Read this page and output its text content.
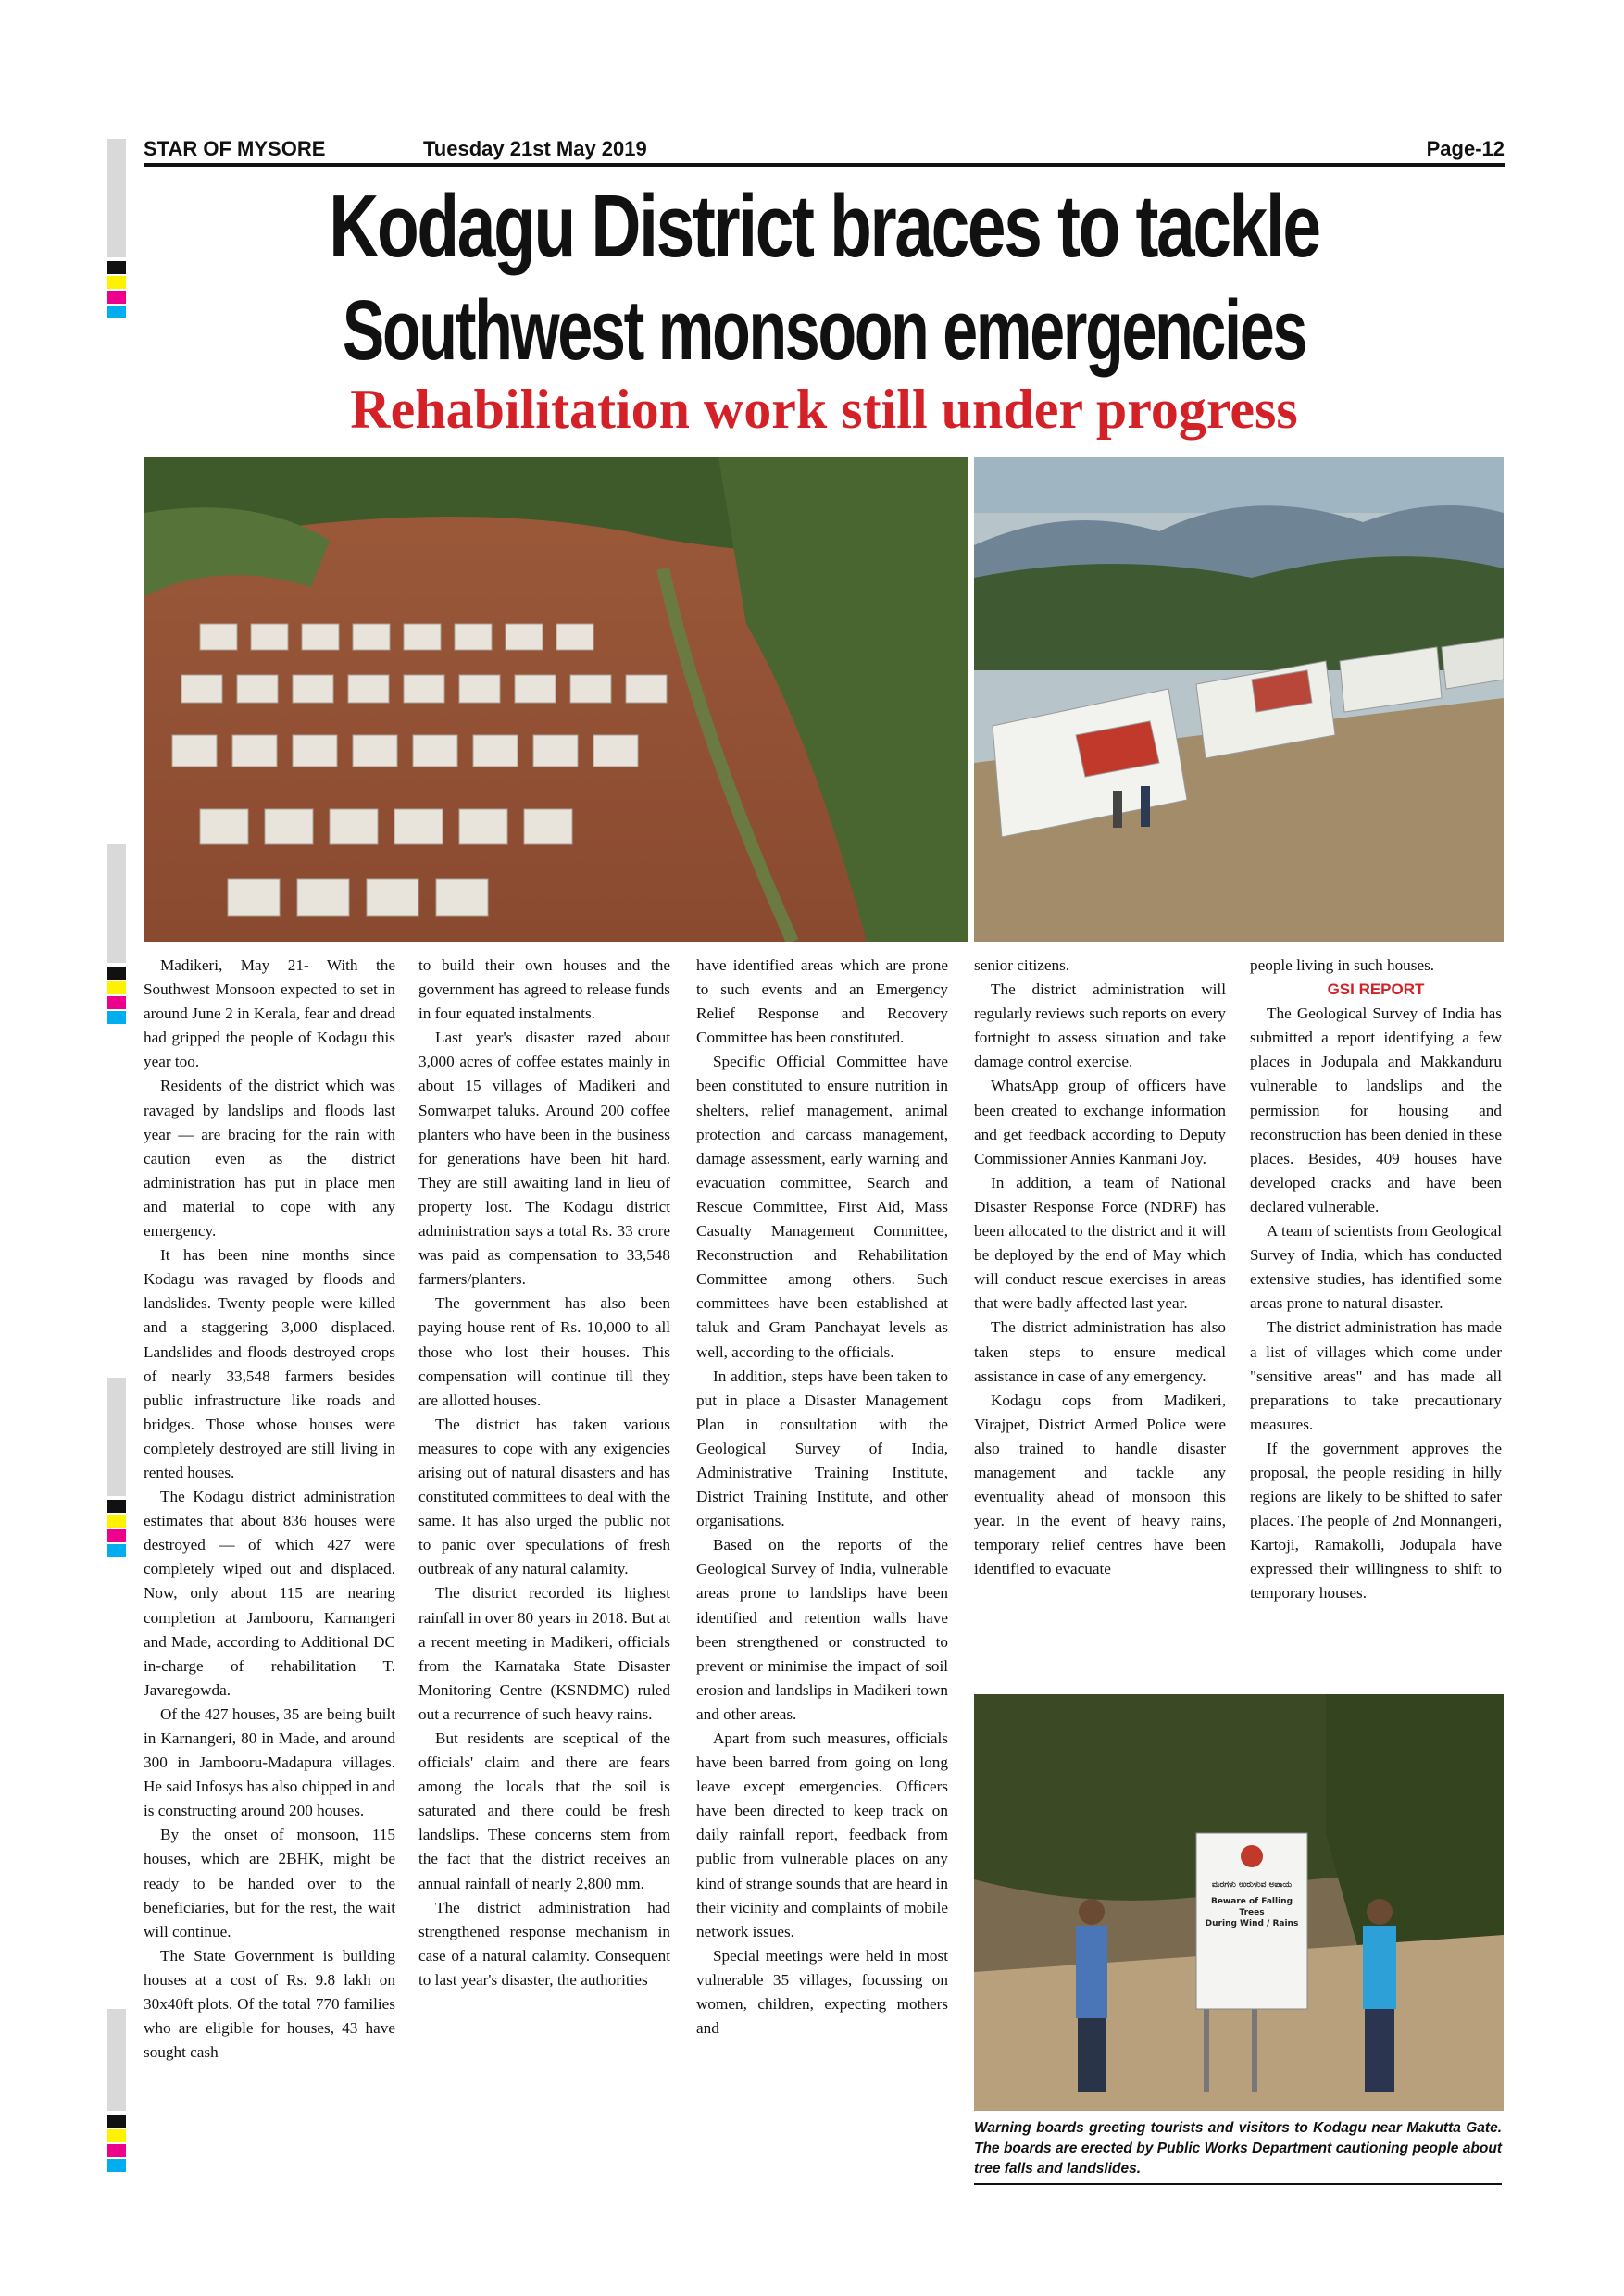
STAR OF MYSORE	Tuesday 21st May 2019	Page-12
Kodagu District braces to tackle
Southwest monsoon emergencies
Rehabilitation work still under progress
ಮರಗಳು ಉರುಳುವ ಅಪಾಯ
Beware of Falling Trees
During Wind / Rains
Warning boards greeting tourists and visitors to Kodagu near Makutta Gate. The boards are erected by Public Works Department cautioning people about tree falls and landslides.

Madikeri, May 21- With the Southwest Monsoon expected to set in around June 2 in Kerala, fear and dread had gripped the people of Kodagu this year too.

Residents of the district which was ravaged by landslips and floods last year — are bracing for the rain with caution even as the district administration has put in place men and material to cope with any emergency.

It has been nine months since Kodagu was ravaged by floods and landslides. Twenty people were killed and a staggering 3,000 displaced. Landslides and floods destroyed crops of nearly 33,548 farmers besides public infrastructure like roads and bridges. Those whose houses were completely destroyed are still living in rented houses.

The Kodagu district administration estimates that about 836 houses were destroyed — of which 427 were completely wiped out and displaced. Now, only about 115 are nearing completion at Jambooru, Karnangeri and Made, according to Additional DC in-charge of rehabilitation T. Javaregowda.

Of the 427 houses, 35 are being built in Karnangeri, 80 in Made, and around 300 in Jambooru-Madapura villages. He said Infosys has also chipped in and is constructing around 200 houses.

By the onset of monsoon, 115 houses, which are 2BHK, might be ready to be handed over to the beneficiaries, but for the rest, the wait will continue.

The State Government is building houses at a cost of Rs. 9.8 lakh on 30x40ft plots. Of the total 770 families who are eligible for houses, 43 have sought cash

to build their own houses and the government has agreed to release funds in four equated instalments.

Last year's disaster razed about 3,000 acres of coffee estates mainly in about 15 villages of Madikeri and Somwarpet taluks. Around 200 coffee planters who have been in the business for generations have been hit hard. They are still awaiting land in lieu of property lost. The Kodagu district administration says a total Rs. 33 crore was paid as compensation to 33,548 farmers/planters.

The government has also been paying house rent of Rs. 10,000 to all those who lost their houses. This compensation will continue till they are allotted houses.

The district has taken various measures to cope with any exigencies arising out of natural disasters and has constituted committees to deal with the same. It has also urged the public not to panic over speculations of fresh outbreak of any natural calamity.

The district recorded its highest rainfall in over 80 years in 2018. But at a recent meeting in Madikeri, officials from the Karnataka State Disaster Monitoring Centre (KSNDMC) ruled out a recurrence of such heavy rains.

But residents are sceptical of the officials' claim and there are fears among the locals that the soil is saturated and there could be fresh landslips. These concerns stem from the fact that the district receives an annual rainfall of nearly 2,800 mm.

The district administration had strengthened response mechanism in case of a natural calamity. Consequent to last year's disaster, the authorities

have identified areas which are prone to such events and an Emergency Relief Response and Recovery Committee has been constituted.

Specific Official Committee have been constituted to ensure nutrition in shelters, relief management, animal protection and carcass management, damage assessment, early warning and evacuation committee, Search and Rescue Committee, First Aid, Mass Casualty Management Committee, Reconstruction and Rehabilitation Committee among others. Such committees have been established at taluk and Gram Panchayat levels as well, according to the officials.

In addition, steps have been taken to put in place a Disaster Management Plan in consultation with the Geological Survey of India, Administrative Training Institute, District Training Institute, and other organisations.

Based on the reports of the Geological Survey of India, vulnerable areas prone to landslips have been identified and retention walls have been strengthened or constructed to prevent or minimise the impact of soil erosion and landslips in Madikeri town and other areas.

Apart from such measures, officials have been barred from going on long leave except emergencies. Officers have been directed to keep track on daily rainfall report, feedback from public from vulnerable places on any kind of strange sounds that are heard in their vicinity and complaints of mobile network issues.

Special meetings were held in most vulnerable 35 villages, focussing on women, children, expecting mothers and

senior citizens.

The district administration will regularly reviews such reports on every fortnight to assess situation and take damage control exercise.

WhatsApp group of officers have been created to exchange information and get feedback according to Deputy Commissioner Annies Kanmani Joy.

In addition, a team of National Disaster Response Force (NDRF) has been allocated to the district and it will be deployed by the end of May which will conduct rescue exercises in areas that were badly affected last year.

The district administration has also taken steps to ensure medical assistance in case of any emergency.

Kodagu cops from Madikeri, Virajpet, District Armed Police were also trained to handle disaster management and tackle any eventuality ahead of monsoon this year. In the event of heavy rains, temporary relief centres have been identified to evacuate

people living in such houses.

GSI REPORT

The Geological Survey of India has submitted a report identifying a few places in Jodupala and Makkanduru vulnerable to landslips and the permission for housing and reconstruction has been denied in these places. Besides, 409 houses have developed cracks and have been declared vulnerable.

A team of scientists from Geological Survey of India, which has conducted extensive studies, has identified some areas prone to natural disaster.

The district administration has made a list of villages which come under "sensitive areas" and has made all preparations to take precautionary measures.

If the government approves the proposal, the people residing in hilly regions are likely to be shifted to safer places. The people of 2nd Monnangeri, Kartoji, Ramakolli, Jodupala have expressed their willingness to shift to temporary houses.
